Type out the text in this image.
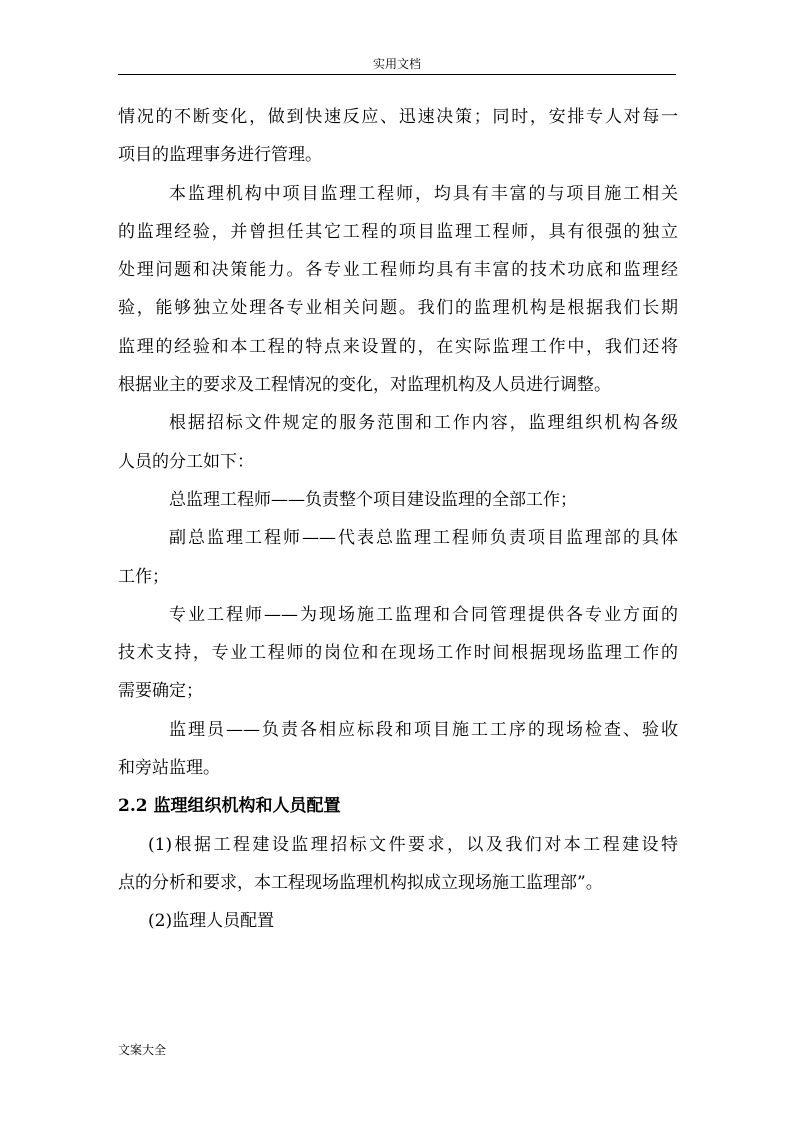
实用文档
情况的不断变化，做到快速反应、迅速决策；同时，安排专人对每一
项目的监理事务进行管理。
本监理机构中项目监理工程师，均具有丰富的与项目施工相关
的监理经验，并曾担任其它工程的项目监理工程师，具有很强的独立
处理问题和决策能力。各专业工程师均具有丰富的技术功底和监理经
验，能够独立处理各专业相关问题。我们的监理机构是根据我们长期
监理的经验和本工程的特点来设置的，在实际监理工作中，我们还将
根据业主的要求及工程情况的变化，对监理机构及人员进行调整。
根据招标文件规定的服务范围和工作内容，监理组织机构各级
人员的分工如下：
总监理工程师——负责整个项目建设监理的全部工作；
副总监理工程师——代表总监理工程师负责项目监理部的具体
工作；
专业工程师——为现场施工监理和合同管理提供各专业方面的
技术支持，专业工程师的岗位和在现场工作时间根据现场监理工作的
需要确定；
监理员——负责各相应标段和项目施工工序的现场检查、验收
和旁站监理。
2.2 监理组织机构和人员配置
(1)根据工程建设监理招标文件要求，以及我们对本工程建设特
点的分析和要求，本工程现场监理机构拟成立现场施工监理部”。
(2)监理人员配置
文案大全
